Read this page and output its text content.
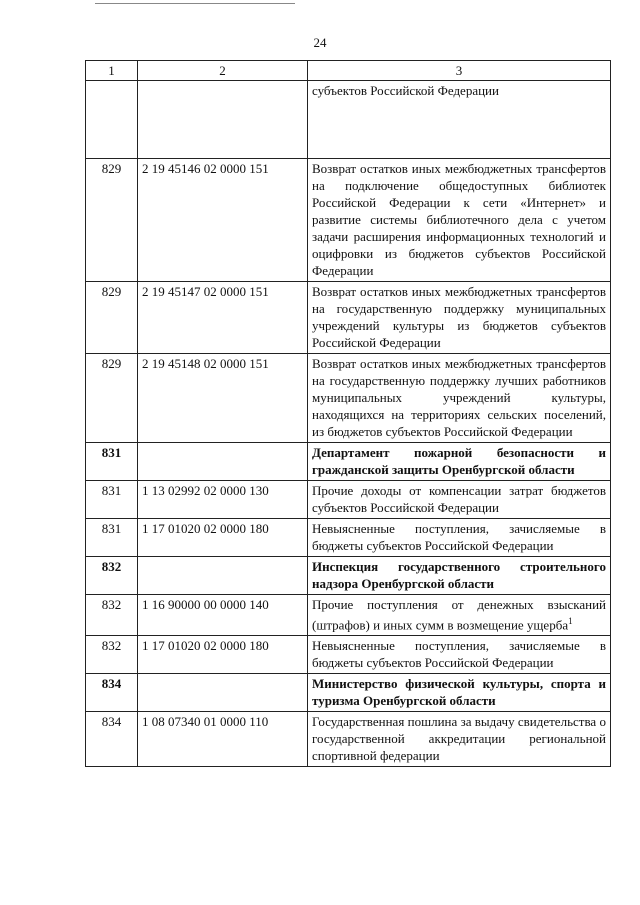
24
1	2	3
		субъектов Российской Федерации
829	2 19 45146 02 0000 151	Возврат остатков иных межбюджетных трансфертов на подключение общедоступных библиотек Российской Федерации к сети «Интернет» и развитие системы библиотечного дела с учетом задачи расширения информационных технологий и оцифровки из бюджетов субъектов Российской Федерации
829	2 19 45147 02 0000 151	Возврат остатков иных межбюджетных трансфертов на государственную поддержку муниципальных учреждений культуры из бюджетов субъектов Российской Федерации
829	2 19 45148 02 0000 151	Возврат остатков иных межбюджетных трансфертов на государственную поддержку лучших работников муниципальных учреждений культуры, находящихся на территориях сельских поселений, из бюджетов субъектов Российской Федерации
831		Департамент пожарной безопасности и гражданской защиты Оренбургской области
831	1 13 02992 02 0000 130	Прочие доходы от компенсации затрат бюджетов субъектов Российской Федерации
831	1 17 01020 02 0000 180	Невыясненные поступления, зачисляемые в бюджеты субъектов Российской Федерации
832		Инспекция государственного строительного надзора Оренбургской области
832	1 16 90000 00 0000 140	Прочие поступления от денежных взысканий (штрафов) и иных сумм в возмещение ущерба$^1$
832	1 17 01020 02 0000 180	Невыясненные поступления, зачисляемые в бюджеты субъектов Российской Федерации
834		Министерство физической культуры, спорта и туризма Оренбургской области
834	1 08 07340 01 0000 110	Государственная пошлина за выдачу свидетельства о государственной аккредитации региональной спортивной федерации
